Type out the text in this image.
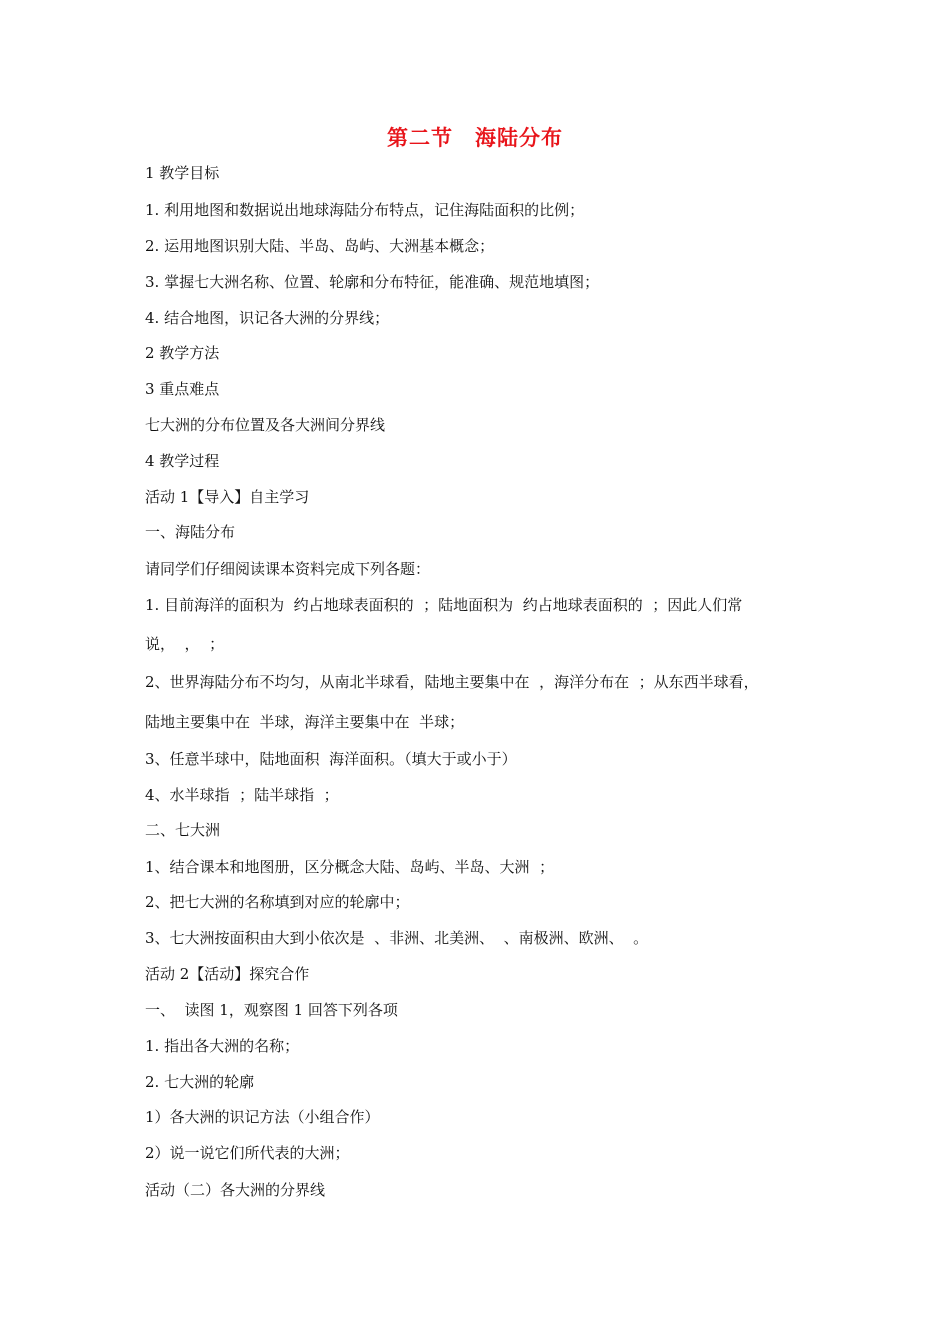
第二节 海陆分布
1 教学目标
1. 利用地图和数据说出地球海陆分布特点，记住海陆面积的比例；
2. 运用地图识别大陆、半岛、岛屿、大洲基本概念；
3. 掌握七大洲名称、位置、轮廓和分布特征，能准确、规范地填图；
4. 结合地图，识记各大洲的分界线；
2 教学方法
3 重点难点
七大洲的分布位置及各大洲间分界线
4 教学过程
活动 1【导入】自主学习
一、海陆分布
请同学们仔细阅读课本资料完成下列各题：
1. 目前海洋的面积为  约占地球表面积的  ；陆地面积为  约占地球表面积的  ；因此人们常
说，  ，  ；
2、世界海陆分布不均匀，从南北半球看，陆地主要集中在  ，海洋分布在  ；从东西半球看，
陆地主要集中在  半球，海洋主要集中在  半球；
3、任意半球中，陆地面积  海洋面积。（填大于或小于）
4、水半球指  ；陆半球指  ；
二、七大洲
1、结合课本和地图册，区分概念大陆、岛屿、半岛、大洲  ；
2、把七大洲的名称填到对应的轮廓中；
3、七大洲按面积由大到小依次是  、非洲、北美洲、  、南极洲、欧洲、  。
活动 2【活动】探究合作
一、  读图 1，观察图 1 回答下列各项
1. 指出各大洲的名称；
2. 七大洲的轮廓
1）各大洲的识记方法（小组合作）
2）说一说它们所代表的大洲；
活动（二）各大洲的分界线
